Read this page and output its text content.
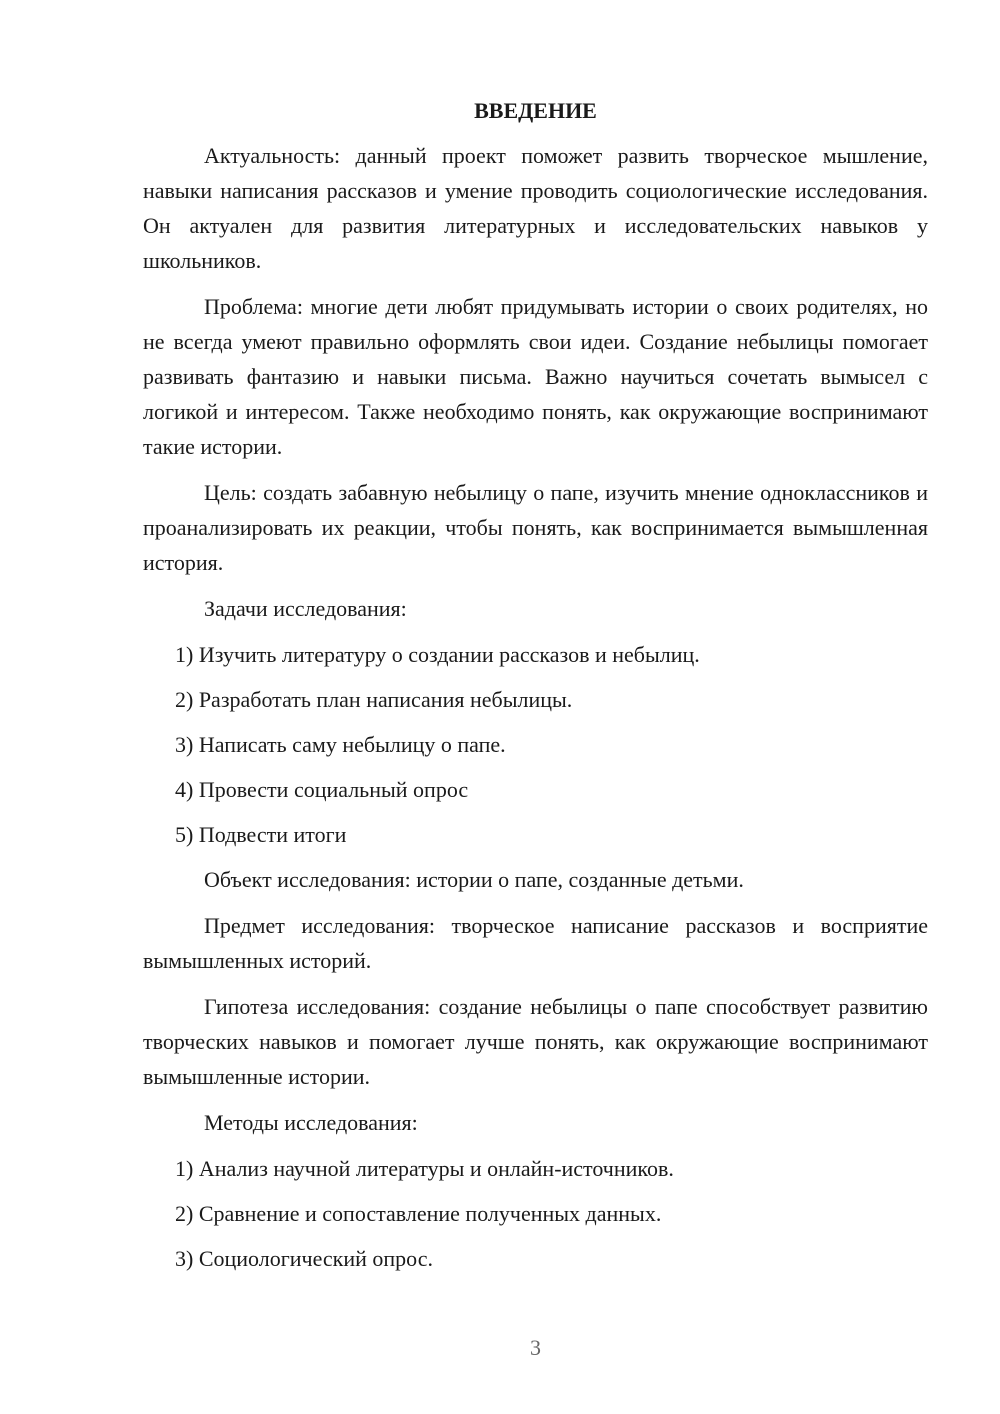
ВВЕДЕНИЕ

Актуальность: данный проект поможет развить творческое мышление, навыки написания рассказов и умение проводить социологические исследования. Он актуален для развития литературных и исследовательских навыков у школьников.

Проблема: многие дети любят придумывать истории о своих родителях, но не всегда умеют правильно оформлять свои идеи. Создание небылицы помогает развивать фантазию и навыки письма. Важно научиться сочетать вымысел с логикой и интересом. Также необходимо понять, как окружающие воспринимают такие истории.

Цель: создать забавную небылицу о папе, изучить мнение одноклассников и проанализировать их реакции, чтобы понять, как воспринимается вымышленная история.

Задачи исследования:

1) Изучить литературу о создании рассказов и небылиц.
2) Разработать план написания небылицы.
3) Написать саму небылицу о папе.
4) Провести социальный опрос
5) Подвести итоги

Объект исследования: истории о папе, созданные детьми.

Предмет исследования: творческое написание рассказов и восприятие вымышленных историй.

Гипотеза исследования: создание небылицы о папе способствует развитию творческих навыков и помогает лучше понять, как окружающие воспринимают вымышленные истории.

Методы исследования:

1) Анализ научной литературы и онлайн-источников.
2) Сравнение и сопоставление полученных данных.
3) Социологический опрос.
3
